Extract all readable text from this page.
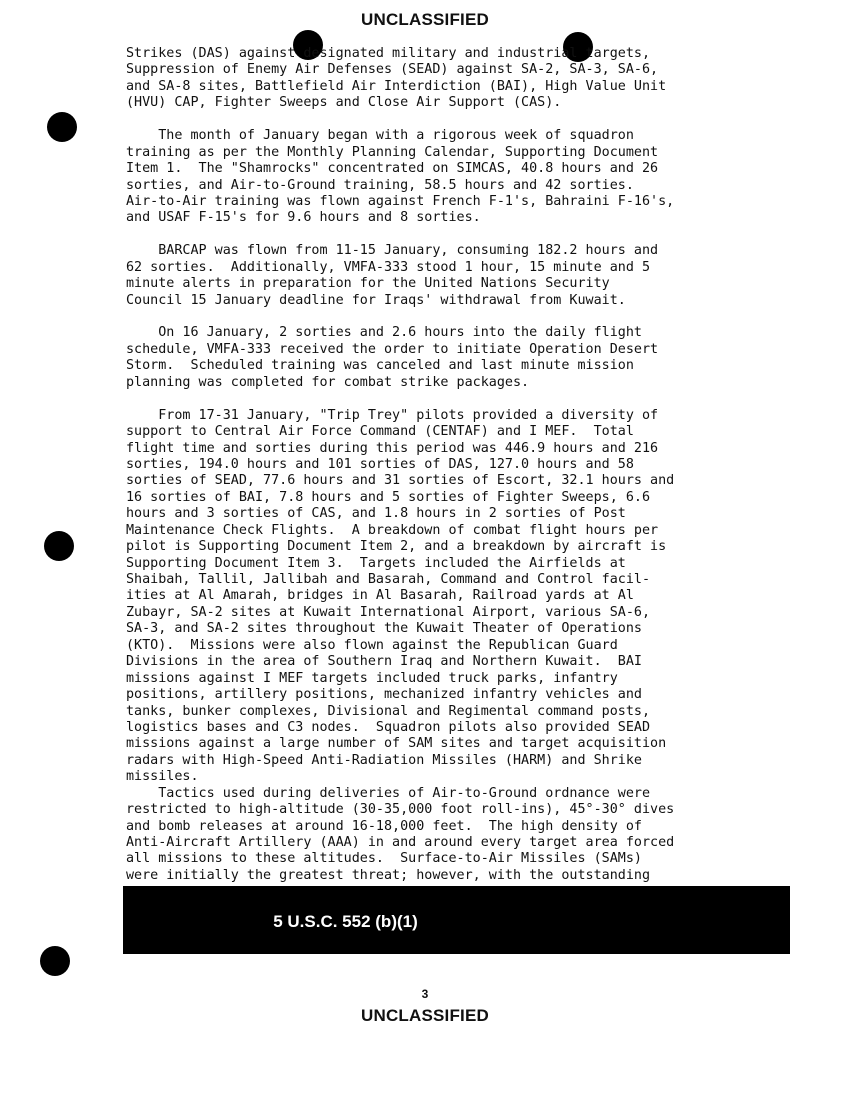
UNCLASSIFIED
Strikes (DAS) against designated military and industrial targets,
Suppression of Enemy Air Defenses (SEAD) against SA-2, SA-3, SA-6,
and SA-8 sites, Battlefield Air Interdiction (BAI), High Value Unit
(HVU) CAP, Fighter Sweeps and Close Air Support (CAS).
The month of January began with a rigorous week of squadron
training as per the Monthly Planning Calendar, Supporting Document
Item 1.  The "Shamrocks" concentrated on SIMCAS, 40.8 hours and 26
sorties, and Air-to-Ground training, 58.5 hours and 42 sorties.
Air-to-Air training was flown against French F-1's, Bahraini F-16's,
and USAF F-15's for 9.6 hours and 8 sorties.
BARCAP was flown from 11-15 January, consuming 182.2 hours and
62 sorties.  Additionally, VMFA-333 stood 1 hour, 15 minute and 5
minute alerts in preparation for the United Nations Security
Council 15 January deadline for Iraqs' withdrawal from Kuwait.
On 16 January, 2 sorties and 2.6 hours into the daily flight
schedule, VMFA-333 received the order to initiate Operation Desert
Storm.  Scheduled training was canceled and last minute mission
planning was completed for combat strike packages.
From 17-31 January, "Trip Trey" pilots provided a diversity of
support to Central Air Force Command (CENTAF) and I MEF.  Total
flight time and sorties during this period was 446.9 hours and 216
sorties, 194.0 hours and 101 sorties of DAS, 127.0 hours and 58
sorties of SEAD, 77.6 hours and 31 sorties of Escort, 32.1 hours and
16 sorties of BAI, 7.8 hours and 5 sorties of Fighter Sweeps, 6.6
hours and 3 sorties of CAS, and 1.8 hours in 2 sorties of Post
Maintenance Check Flights.  A breakdown of combat flight hours per
pilot is Supporting Document Item 2, and a breakdown by aircraft is
Supporting Document Item 3.  Targets included the Airfields at
Shaibah, Tallil, Jallibah and Basarah, Command and Control facil-
ities at Al Amarah, bridges in Al Basarah, Railroad yards at Al
Zubayr, SA-2 sites at Kuwait International Airport, various SA-6,
SA-3, and SA-2 sites throughout the Kuwait Theater of Operations
(KTO).  Missions were also flown against the Republican Guard
Divisions in the area of Southern Iraq and Northern Kuwait.  BAI
missions against I MEF targets included truck parks, infantry
positions, artillery positions, mechanized infantry vehicles and
tanks, bunker complexes, Divisional and Regimental command posts,
logistics bases and C3 nodes.  Squadron pilots also provided SEAD
missions against a large number of SAM sites and target acquisition
radars with High-Speed Anti-Radiation Missiles (HARM) and Shrike
missiles.
Tactics used during deliveries of Air-to-Ground ordnance were
restricted to high-altitude (30-35,000 foot roll-ins), 45°-30° dives
and bomb releases at around 16-18,000 feet.  The high density of
Anti-Aircraft Artillery (AAA) in and around every target area forced
all missions to these altitudes.  Surface-to-Air Missiles (SAMs)
were initially the greatest threat; however, with the outstanding
5 U.S.C. 552 (b)(1)
3
UNCLASSIFIED
